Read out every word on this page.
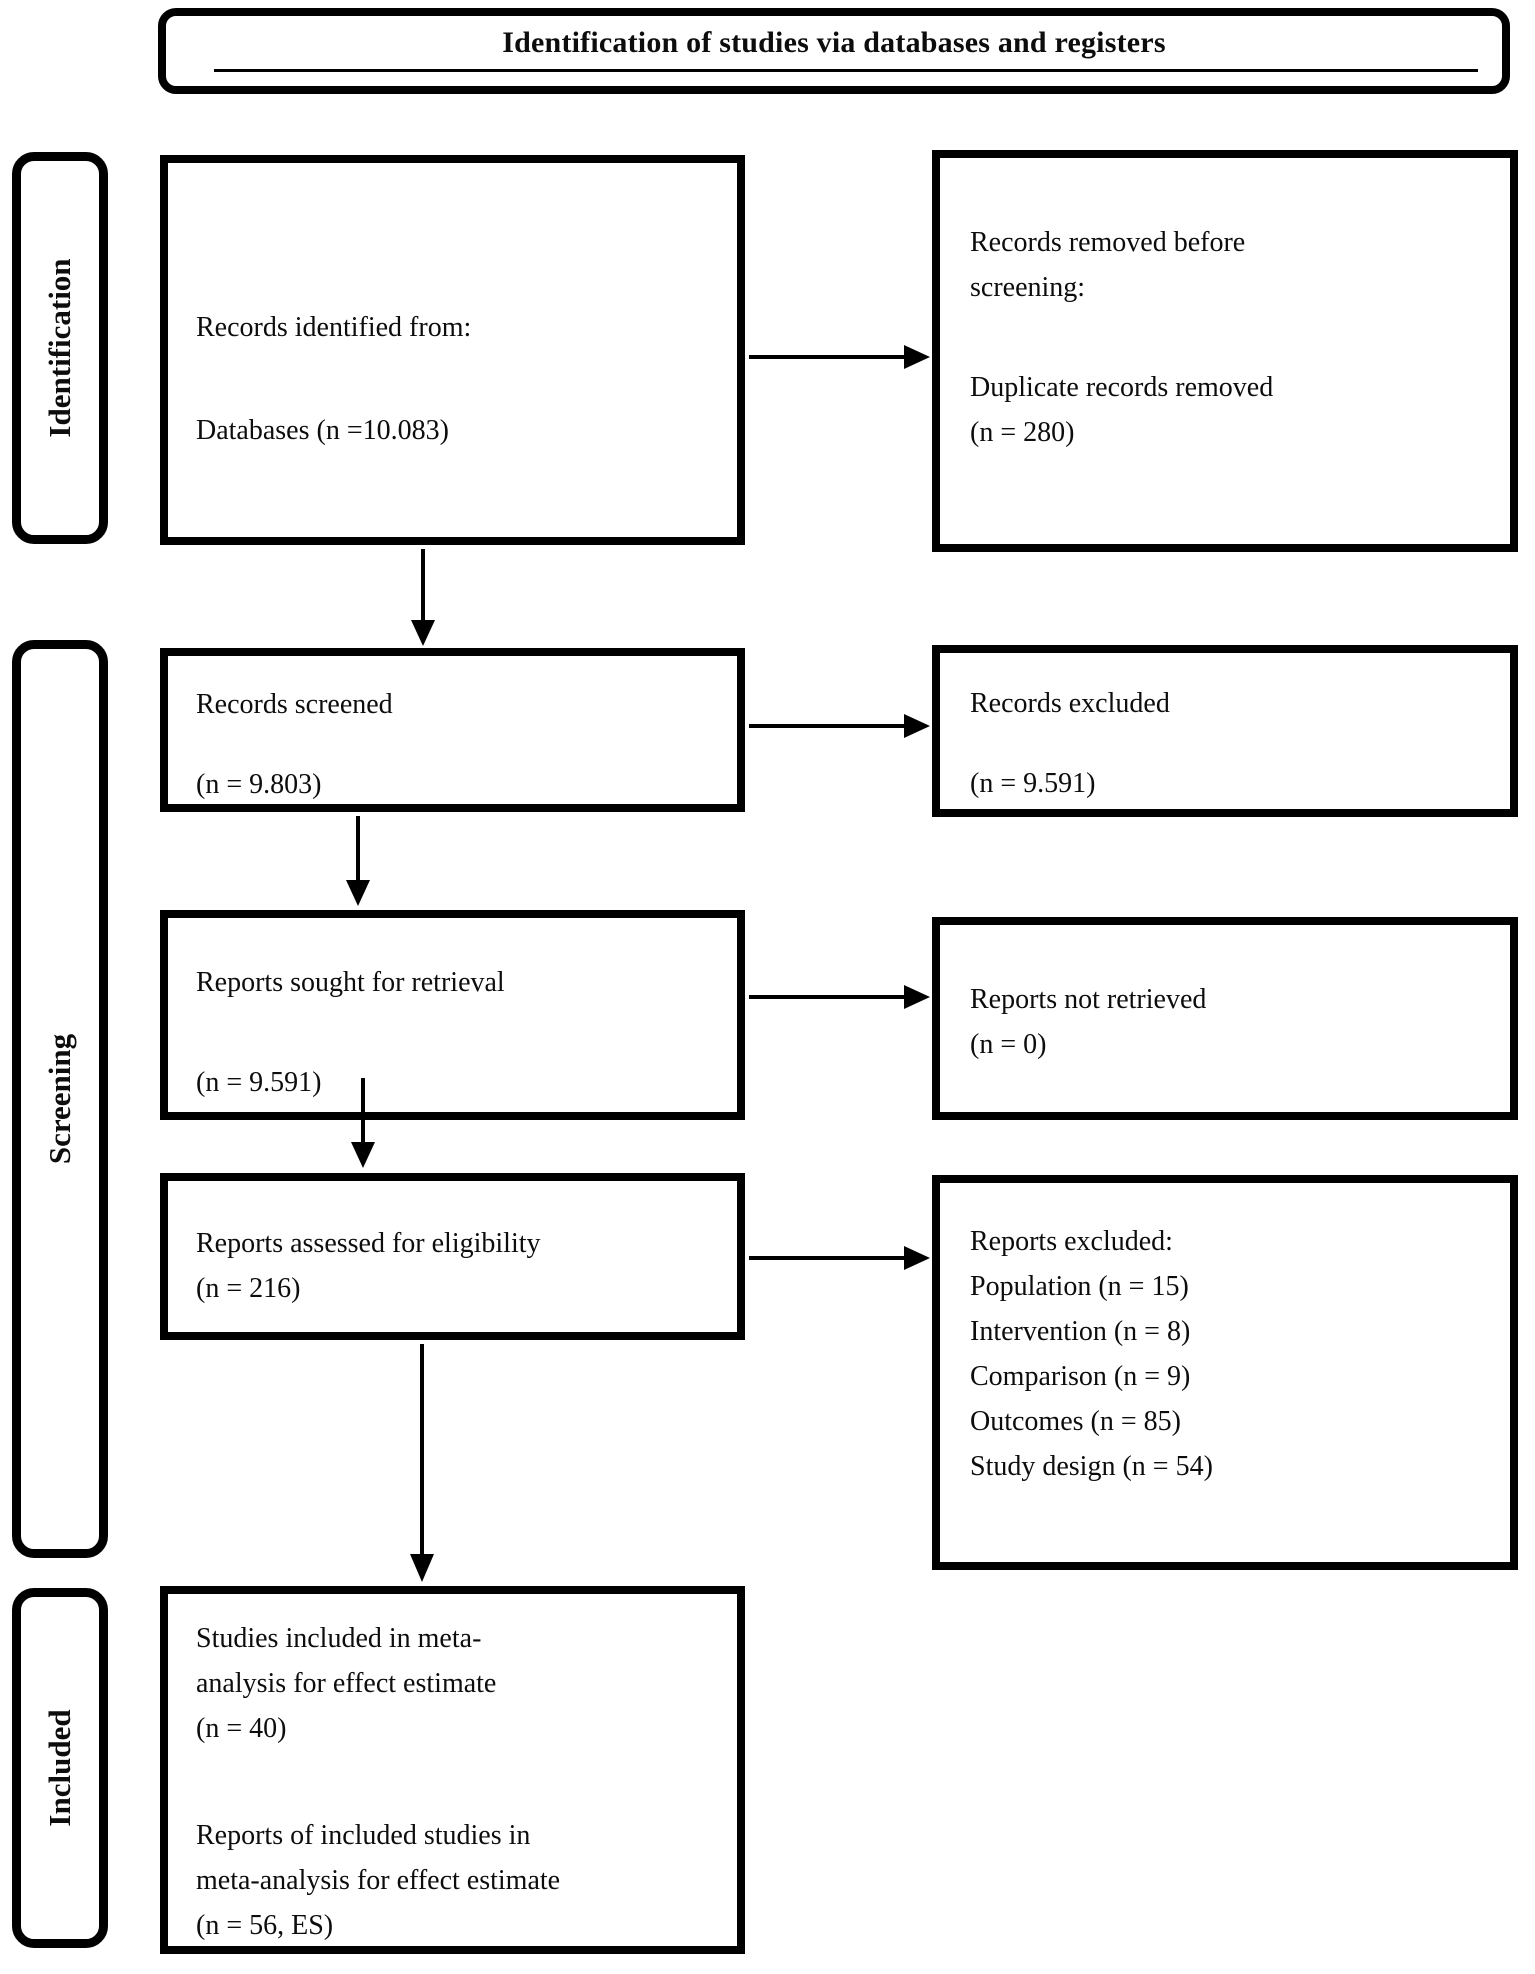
Identification of studies via databases and registers
Identification
Screening
Included
Records identified from:
Databases (n =10.083)
Records removed before
screening:
Duplicate records removed
(n = 280)
Records screened
(n = 9.803)
Records excluded
(n = 9.591)
Reports sought for retrieval
(n = 9.591)
Reports not retrieved
(n = 0)
Reports assessed for eligibility
(n = 216)
Reports excluded:
Population (n = 15)
Intervention (n = 8)
Comparison (n = 9)
Outcomes (n = 85)
Study design (n = 54)
Studies included in meta-
analysis for effect estimate
(n = 40)
Reports of included studies in
meta-analysis for effect estimate
(n = 56, ES)
